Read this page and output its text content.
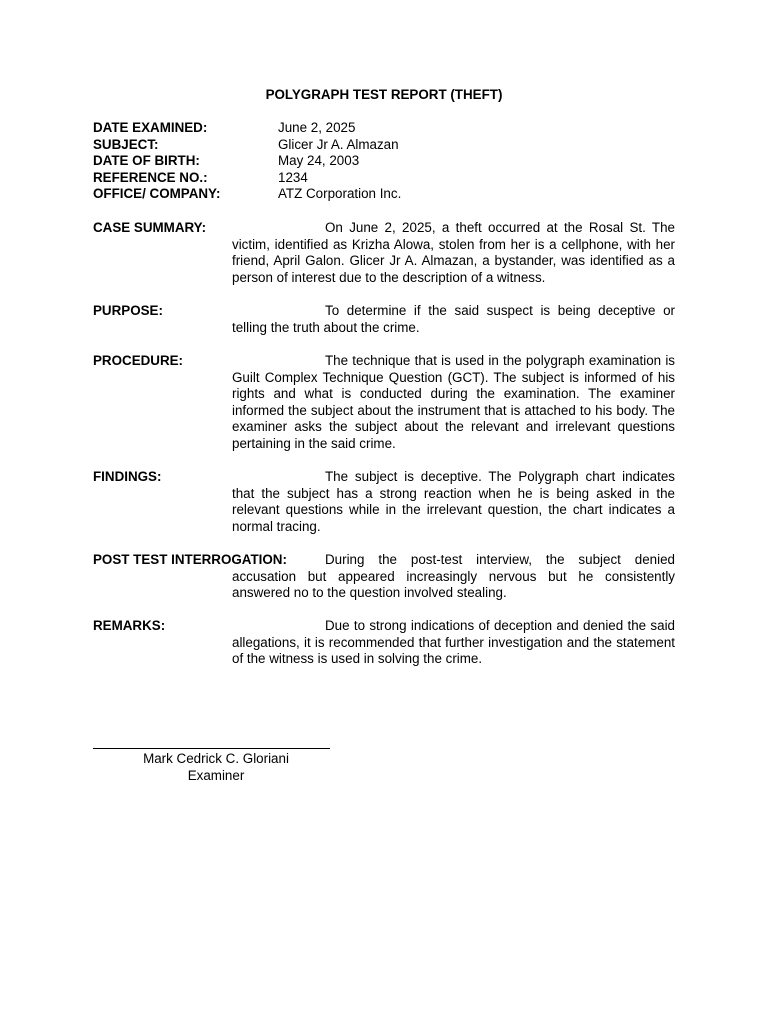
POLYGRAPH TEST REPORT (THEFT)
DATE EXAMINED:	June 2, 2025
SUBJECT:	Glicer Jr A. Almazan
DATE OF BIRTH:	May 24, 2003
REFERENCE NO.:	1234
OFFICE/ COMPANY:	ATZ Corporation Inc.
CASE SUMMARY:	On June 2, 2025, a theft occurred at the Rosal St. The victim, identified as Krizha Alowa, stolen from her is a cellphone, with her friend, April Galon. Glicer Jr A. Almazan, a bystander, was identified as a person of interest due to the description of a witness.
PURPOSE:	To determine if the said suspect is being deceptive or telling the truth about the crime.
PROCEDURE:	The technique that is used in the polygraph examination is Guilt Complex Technique Question (GCT). The subject is informed of his rights and what is conducted during the examination. The examiner informed the subject about the instrument that is attached to his body. The examiner asks the subject about the relevant and irrelevant questions pertaining in the said crime.
FINDINGS:	The subject is deceptive. The Polygraph chart indicates that the subject has a strong reaction when he is being asked in the relevant questions while in the irrelevant question, the chart indicates a normal tracing.
POST TEST INTERROGATION:	During the post-test interview, the subject denied accusation but appeared increasingly nervous but he consistently answered no to the question involved stealing.
REMARKS:	Due to strong indications of deception and denied the said allegations, it is recommended that further investigation and the statement of the witness is used in solving the crime.
Mark Cedrick C. Gloriani
Examiner
